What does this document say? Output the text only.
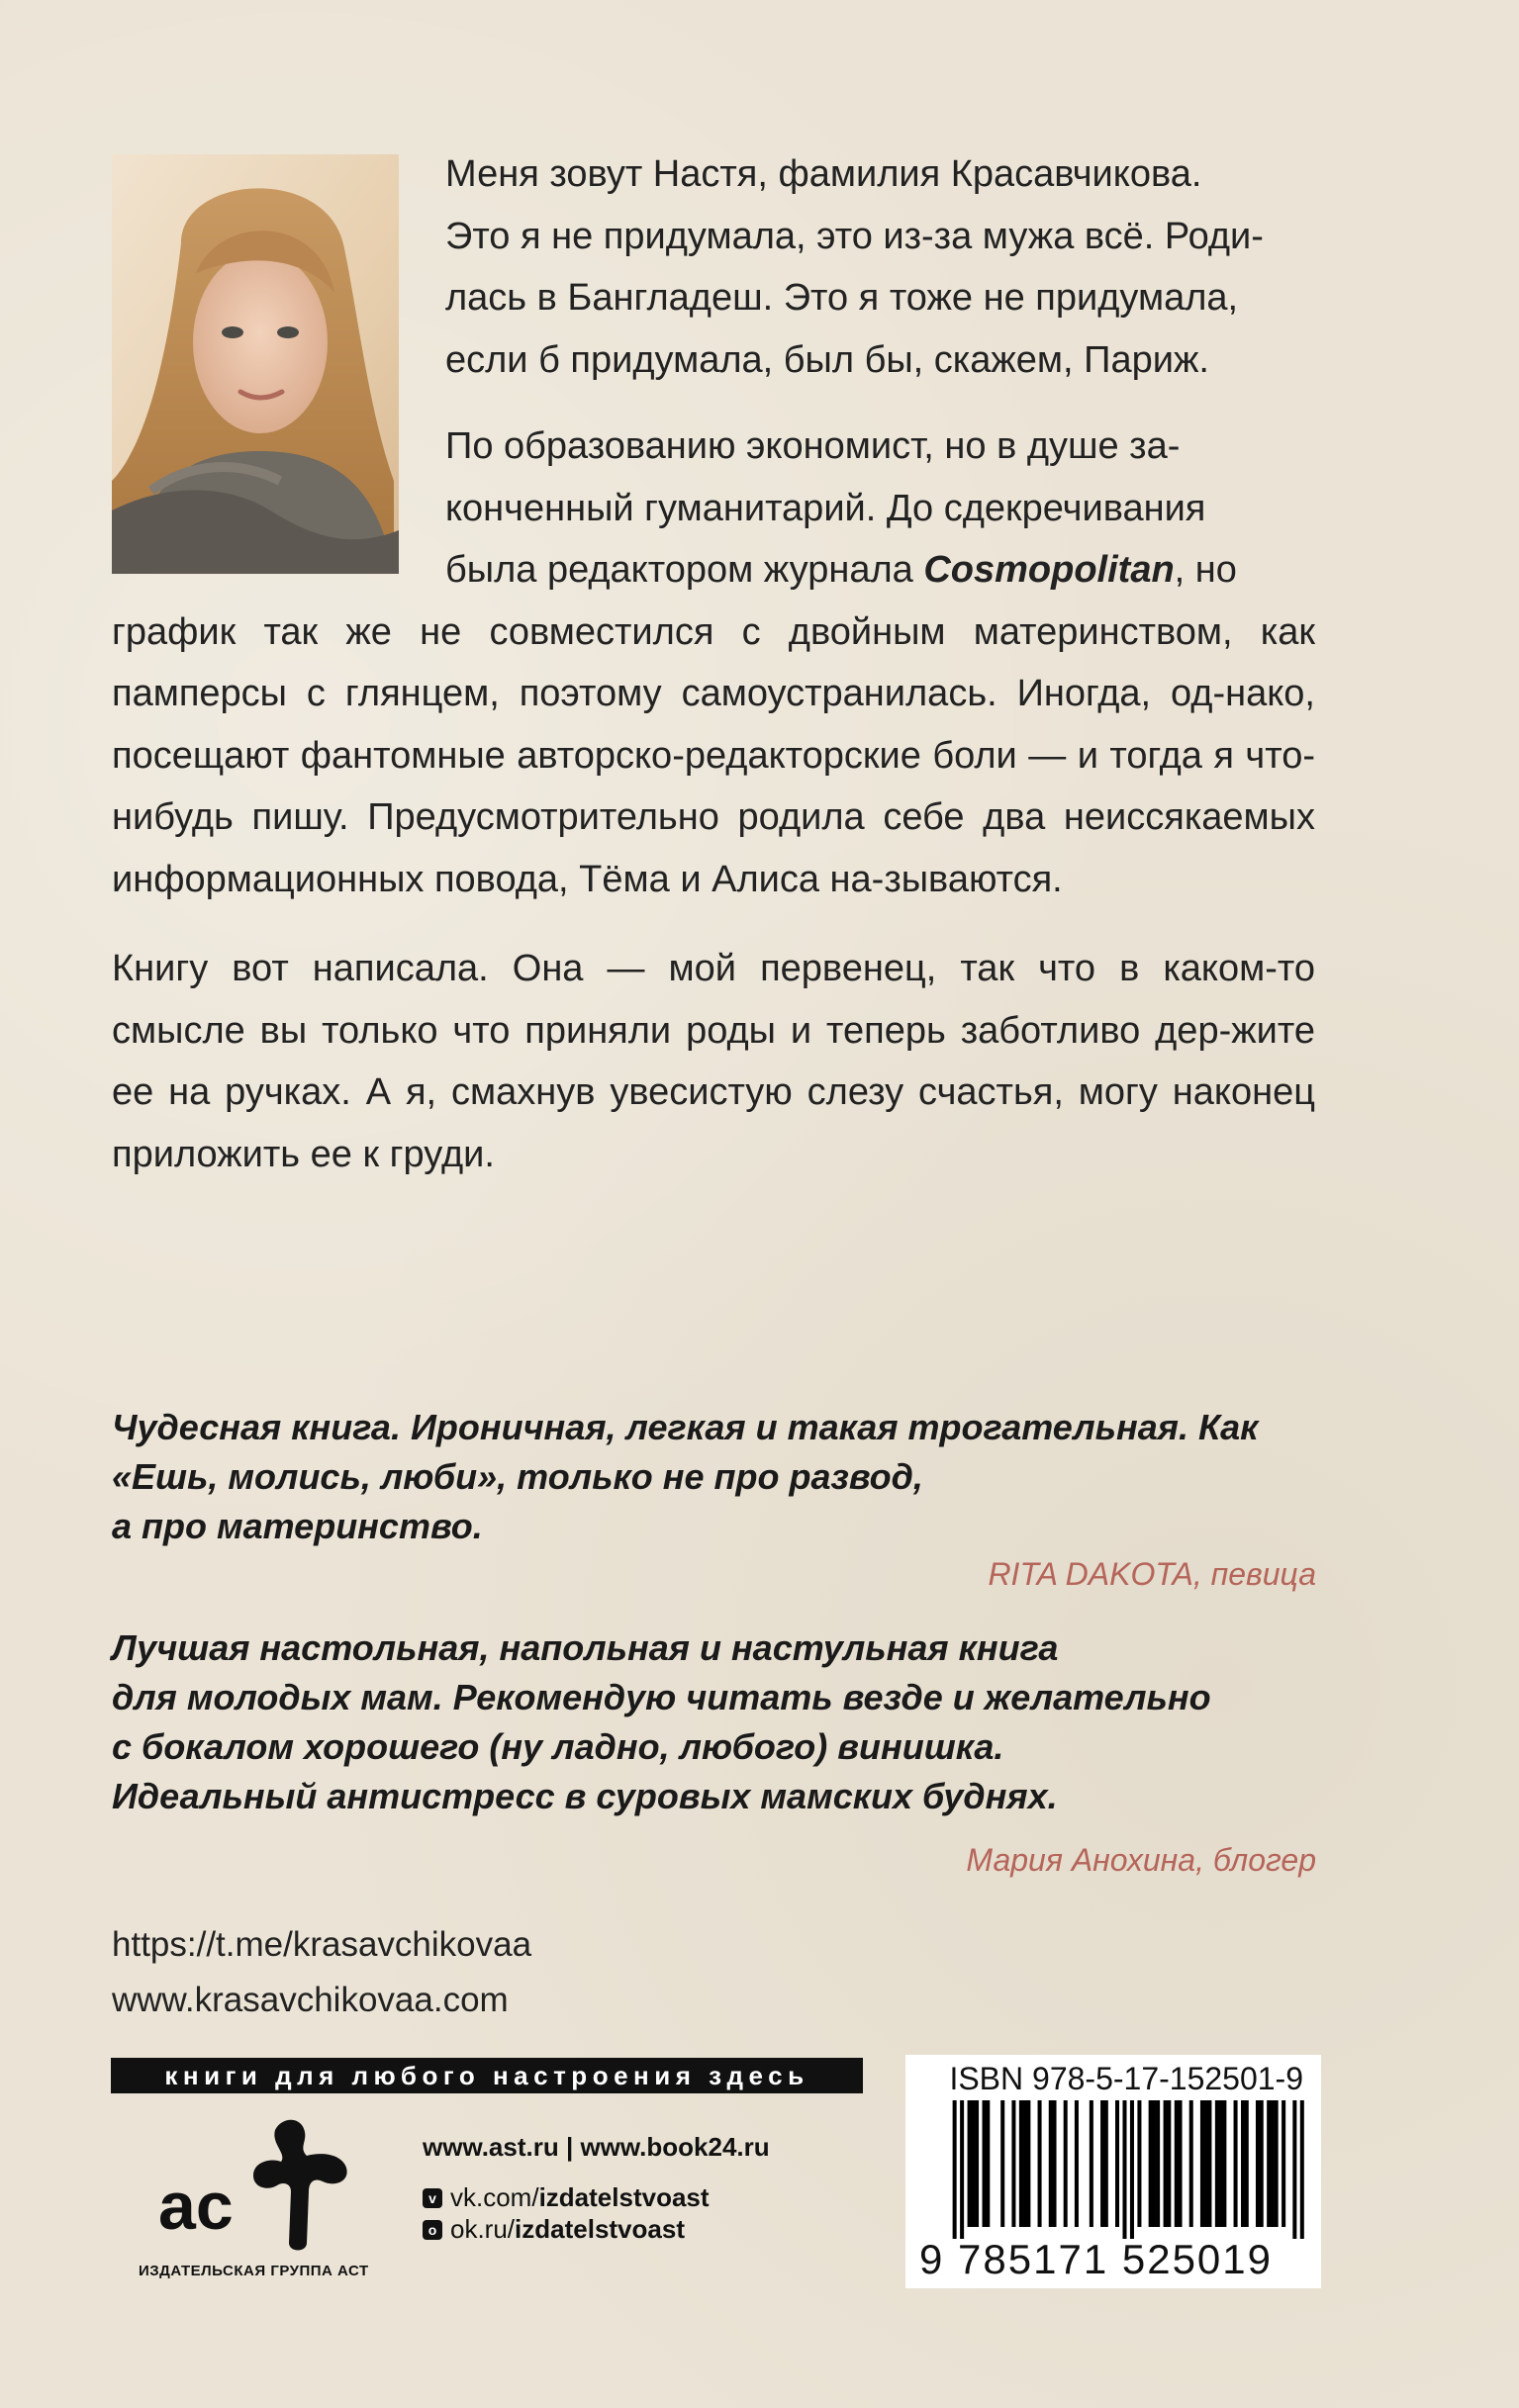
Меня зовут Настя, фамилия Красавчикова.

Это я не придумала, это из-за мужа всё. Роди-

лась в Бангладеш. Это я тоже не придумала,

если б придумала, был бы, скажем, Париж.

По образованию экономист, но в душе за-

конченный гуманитарий. До сдекречивания

была редактором журнала Cosmopolitan, но

график так же не совместился с двойным материнством, как памперсы с глянцем, поэтому самоустранилась. Иногда, од-нако, посещают фантомные авторско-редакторские боли — и тогда я что-нибудь пишу. Предусмотрительно родила себе два неиссякаемых информационных повода, Тёма и Алиса на-зываются.

Книгу вот написала. Она — мой первенец, так что в каком-то смысле вы только что приняли роды и теперь заботливо дер-жите ее на ручках. А я, смахнув увесистую слезу счастья, могу наконец приложить ее к груди.

Чудесная книга. Ироничная, легкая и такая трогательная. Как

«Ешь, молись, люби», только не про развод,

а про материнство.

RITA DAKOTA, певица

Лучшая настольная, напольная и настульная книга

для молодых мам. Рекомендую читать везде и желательно

с бокалом хорошего (ну ладно, любого) винишка.

Идеальный антистресс в суровых мамских буднях.

Мария Анохина, блогер
https://t.me/krasavchikovaa
www.krasavchikovaa.com
книги для любого настроения здесь
ас
ИЗДАТЕЛЬСКАЯ ГРУППА АСТ
www.ast.ru | www.book24.ru
v vk.com/ izdatelstvoast
o ok.ru/ izdatelstvoast
ISBN 978-5-17-152501-9
9 785171 525019
